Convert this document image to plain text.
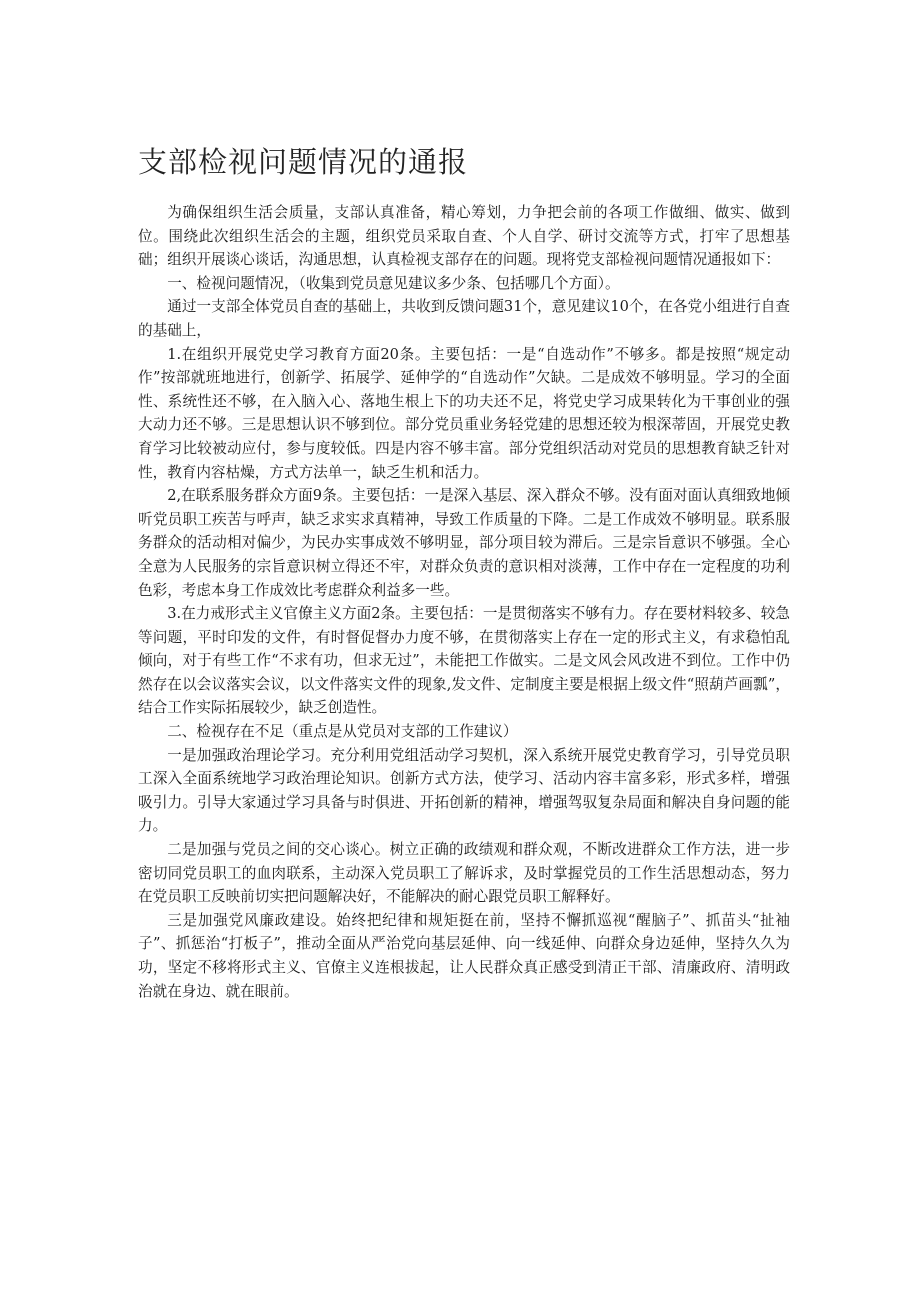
支部检视问题情况的通报

为确保组织生活会质量，支部认真准备，精心筹划，力争把会前的各项工作做细、做实、做到位。围绕此次组织生活会的主题，组织党员采取自查、个人自学、研讨交流等方式，打牢了思想基础；组织开展谈心谈话，沟通思想，认真检视支部存在的问题。现将党支部检视问题情况通报如下：

一、检视问题情况，（收集到党员意见建议多少条、包括哪几个方面）。

通过一支部全体党员自查的基础上，共收到反馈问题31个，意见建议10个，在各党小组进行自查的基础上，

1.在组织开展党史学习教育方面20条。主要包括：一是“自选动作”不够多。都是按照“规定动作”按部就班地进行，创新学、拓展学、延伸学的“自选动作”欠缺。二是成效不够明显。学习的全面性、系统性还不够，在入脑入心、落地生根上下的功夫还不足，将党史学习成果转化为干事创业的强大动力还不够。三是思想认识不够到位。部分党员重业务轻党建的思想还较为根深蒂固，开展党史教育学习比较被动应付，参与度较低。四是内容不够丰富。部分党组织活动对党员的思想教育缺乏针对性，教育内容枯燥，方式方法单一，缺乏生机和活力。

2,在联系服务群众方面9条。主要包括：一是深入基层、深入群众不够。没有面对面认真细致地倾听党员职工疾苦与呼声，缺乏求实求真精神，导致工作质量的下降。二是工作成效不够明显。联系服务群众的活动相对偏少，为民办实事成效不够明显，部分项目较为滞后。三是宗旨意识不够强。全心全意为人民服务的宗旨意识树立得还不牢，对群众负责的意识相对淡薄，工作中存在一定程度的功利色彩，考虑本身工作成效比考虑群众利益多一些。

3.在力戒形式主义官僚主义方面2条。主要包括：一是贯彻落实不够有力。存在要材料较多、较急等问题，平时印发的文件，有时督促督办力度不够，在贯彻落实上存在一定的形式主义，有求稳怕乱倾向，对于有些工作“不求有功，但求无过”，未能把工作做实。二是文风会风改进不到位。工作中仍然存在以会议落实会议，以文件落实文件的现象,发文件、定制度主要是根据上级文件“照葫芦画瓢”，结合工作实际拓展较少，缺乏创造性。

二、检视存在不足（重点是从党员对支部的工作建议）

一是加强政治理论学习。充分利用党组活动学习契机，深入系统开展党史教育学习，引导党员职工深入全面系统地学习政治理论知识。创新方式方法，使学习、活动内容丰富多彩，形式多样，增强吸引力。引导大家通过学习具备与时俱进、开拓创新的精神，增强驾驭复杂局面和解决自身问题的能力。

二是加强与党员之间的交心谈心。树立正确的政绩观和群众观，不断改进群众工作方法，进一步密切同党员职工的血肉联系，主动深入党员职工了解诉求，及时掌握党员的工作生活思想动态，努力在党员职工反映前切实把问题解决好，不能解决的耐心跟党员职工解释好。

三是加强党风廉政建设。始终把纪律和规矩挺在前，坚持不懈抓巡视“醒脑子”、抓苗头“扯袖子”、抓惩治“打板子”，推动全面从严治党向基层延伸、向一线延伸、向群众身边延伸，坚持久久为功，坚定不移将形式主义、官僚主义连根拔起，让人民群众真正感受到清正干部、清廉政府、清明政治就在身边、就在眼前。
